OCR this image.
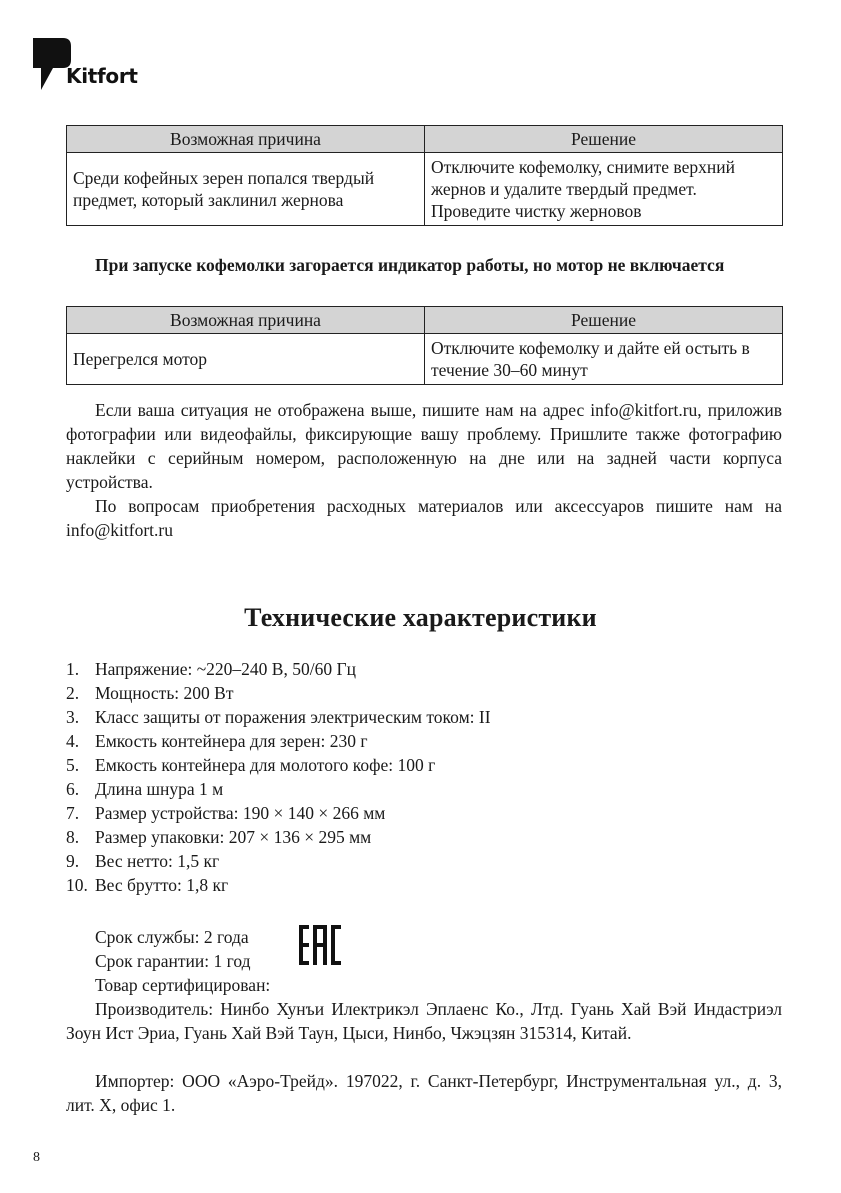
Kitfort
Возможная причина	Решение
Среди кофейных зерен попался твердый предмет, который заклинил жернова	Отключите кофемолку, снимите верхний жернов и удалите твердый предмет. Проведите чистку жерновов
При запуске кофемолки загорается индикатор работы, но мотор не включается
Возможная причина	Решение
Перегрелся мотор	Отключите кофемолку и дайте ей остыть в течение 30–60 минут

Если ваша ситуация не отображена выше, пишите нам на адрес info@kitfort.ru, приложив фотографии или видеофайлы, фиксирующие вашу проблему. Пришлите также фотографию наклейки с серийным номером, расположенную на дне или на задней части корпуса устройства.

По вопросам приобретения расходных материалов или аксессуаров пишите нам на info@kitfort.ru

Технические характеристики
1. Напряжение: ~220–240 В, 50/60 Гц
2. Мощность: 200 Вт
3. Класс защиты от поражения электрическим током: II
4. Емкость контейнера для зерен: 230 г
5. Емкость контейнера для молотого кофе: 100 г
6. Длина шнура 1 м
7. Размер устройства: 190 × 140 × 266 мм
8. Размер упаковки: 207 × 136 × 295 мм
9. Вес нетто: 1,5 кг
10. Вес брутто: 1,8 кг
Срок службы: 2 года
Срок гарантии: 1 год
Товар сертифицирован:

Производитель: Нинбо Хунъи Илектрикэл Эплаенс Ко., Лтд. Гуань Хай Вэй Индастриэл Зоун Ист Эриа, Гуань Хай Вэй Таун, Цыси, Нинбо, Чжэцзян 315314, Китай.

Импортер: ООО «Аэро-Трейд». 197022, г. Санкт-Петербург, Инструментальная ул., д. 3, лит. Х, офис 1.

8
